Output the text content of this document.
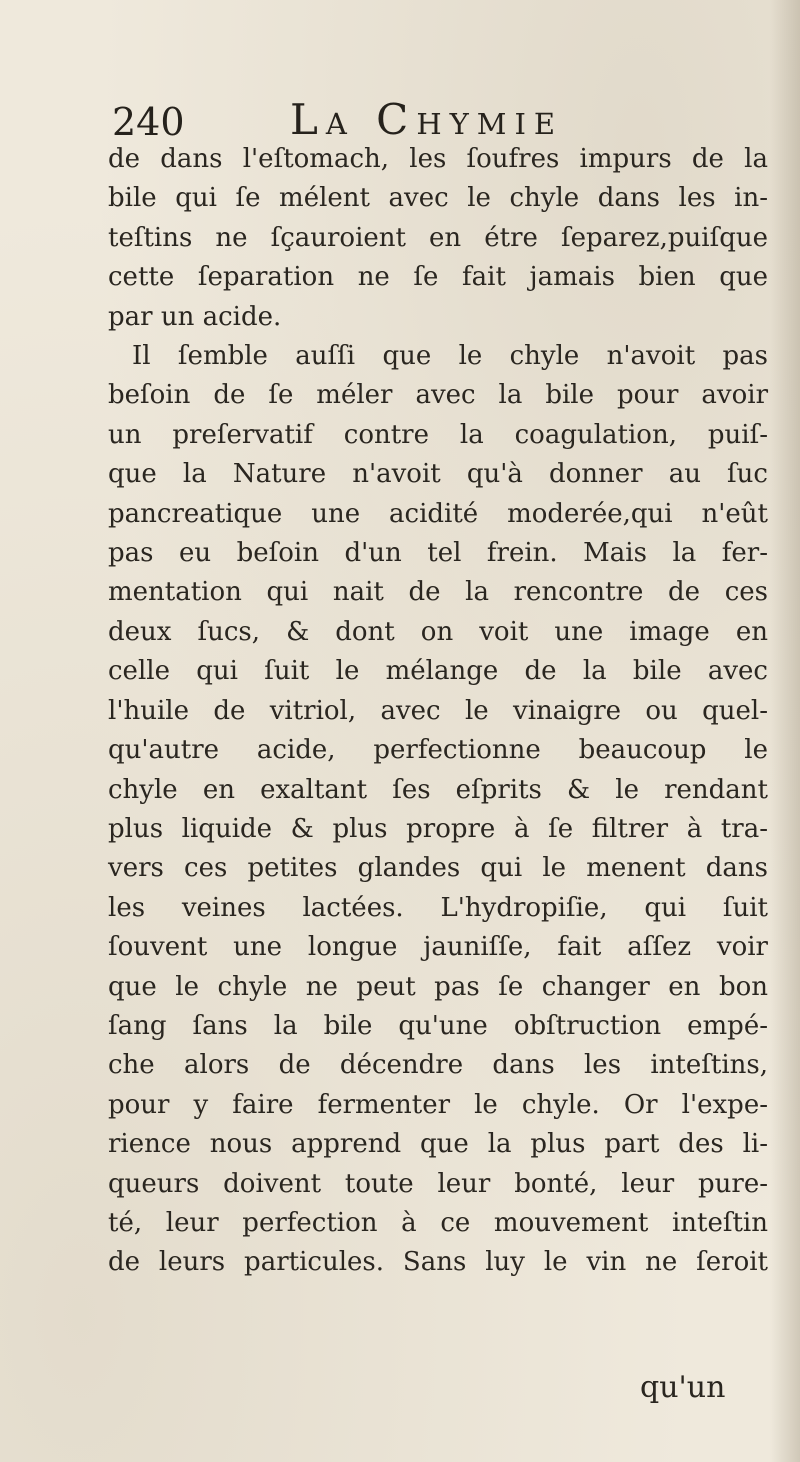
240	La Chymie
de dans l'eſtomach, les ſoufres impurs de la
bile qui ſe mélent avec le chyle dans les in-
teſtins ne ſçauroient en étre ſeparez,puiſque
cette ſeparation ne ſe fait jamais bien que
par un acide.
Il ſemble auſſi que le chyle n'avoit pas
beſoin de ſe méler avec la bile pour avoir
un preſervatif contre la coagulation, puiſ-
que la Nature n'avoit qu'à donner au ſuc
pancreatique une acidité moderée,qui n'eût
pas eu beſoin d'un tel frein. Mais la fer-
mentation qui nait de la rencontre de ces
deux ſucs, & dont on voit une image en
celle qui ſuit le mélange de la bile avec
l'huile de vitriol, avec le vinaigre ou quel-
qu'autre acide, perfectionne beaucoup le
chyle en exaltant ſes eſprits & le rendant
plus liquide & plus propre à ſe filtrer à tra-
vers ces petites glandes qui le menent dans
les veines lactées. L'hydropiſie, qui ſuit
ſouvent une longue jauniſſe, fait aſſez voir
que le chyle ne peut pas ſe changer en bon
ſang ſans la bile qu'une obſtruction empé-
che alors de décendre dans les inteſtins,
pour y faire fermenter le chyle. Or l'expe-
rience nous apprend que la plus part des li-
queurs doivent toute leur bonté, leur pure-
té, leur perfection à ce mouvement inteſtin
de leurs particules. Sans luy le vin ne ſeroit
qu'un
